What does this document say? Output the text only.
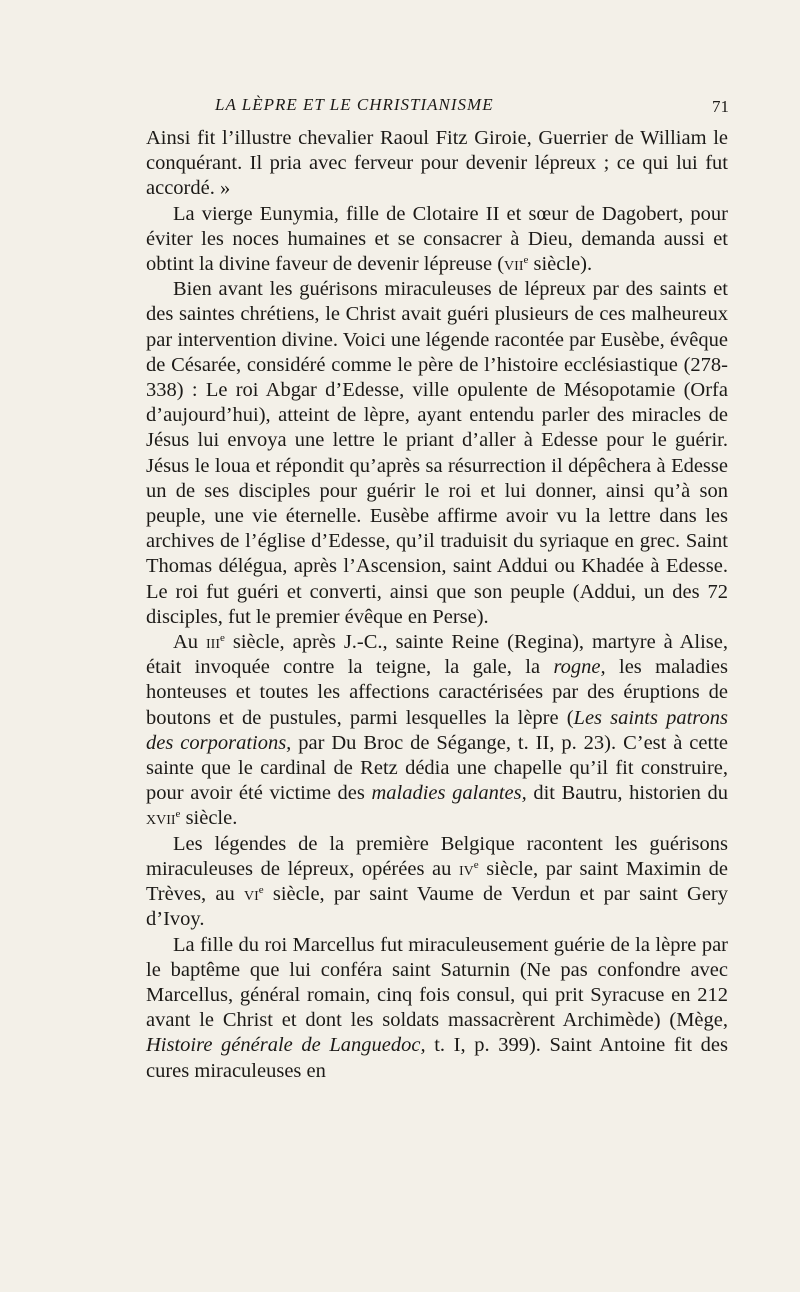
LA LÈPRE ET LE CHRISTIANISME	71

Ainsi fit l’illustre chevalier Raoul Fitz Giroie, Guerrier de William le conquérant. Il pria avec ferveur pour devenir lépreux ; ce qui lui fut accordé. »

La vierge Eunymia, fille de Clotaire II et sœur de Dagobert, pour éviter les noces humaines et se consacrer à Dieu, demanda aussi et obtint la divine faveur de devenir lépreuse (vii$^e$ siècle).

Bien avant les guérisons miraculeuses de lépreux par des saints et des saintes chrétiens, le Christ avait guéri plusieurs de ces malheureux par intervention divine. Voici une légende racontée par Eusèbe, évêque de Césarée, considéré comme le père de l’histoire ecclésiastique (278-338) : Le roi Abgar d’Edesse, ville opulente de Mésopotamie (Orfa d’aujourd’hui), atteint de lèpre, ayant entendu parler des miracles de Jésus lui envoya une lettre le priant d’aller à Edesse pour le guérir. Jésus le loua et répondit qu’après sa résurrection il dépêchera à Edesse un de ses disciples pour guérir le roi et lui donner, ainsi qu’à son peuple, une vie éternelle. Eusèbe affirme avoir vu la lettre dans les archives de l’église d’Edesse, qu’il traduisit du syriaque en grec. Saint Thomas délégua, après l’Ascension, saint Addui ou Khadée à Edesse. Le roi fut guéri et converti, ainsi que son peuple (Addui, un des 72 disciples, fut le premier évêque en Perse).

Au iii$^e$ siècle, après J.-C., sainte Reine (Regina), martyre à Alise, était invoquée contre la teigne, la gale, la rogne, les maladies honteuses et toutes les affections caractérisées par des éruptions de boutons et de pustules, parmi lesquelles la lèpre (Les saints patrons des corporations, par Du Broc de Ségange, t. II, p. 23). C’est à cette sainte que le cardinal de Retz dédia une chapelle qu’il fit construire, pour avoir été victime des maladies galantes, dit Bautru, historien du xvii$^e$ siècle.

Les légendes de la première Belgique racontent les guérisons miraculeuses de lépreux, opérées au $iv^e$ siècle, par saint Maximin de Trèves, au $vi^e$ siècle, par saint Vaume de Verdun et par saint Gery d’Ivoy.

La fille du roi Marcellus fut miraculeusement guérie de la lèpre par le baptême que lui conféra saint Saturnin (Ne pas confondre avec Marcellus, général romain, cinq fois consul, qui prit Syracuse en 212 avant le Christ et dont les soldats massacrèrent Archimède) (Mège, Histoire générale de Languedoc, t. I, p. 399). Saint Antoine fit des cures miraculeuses en
